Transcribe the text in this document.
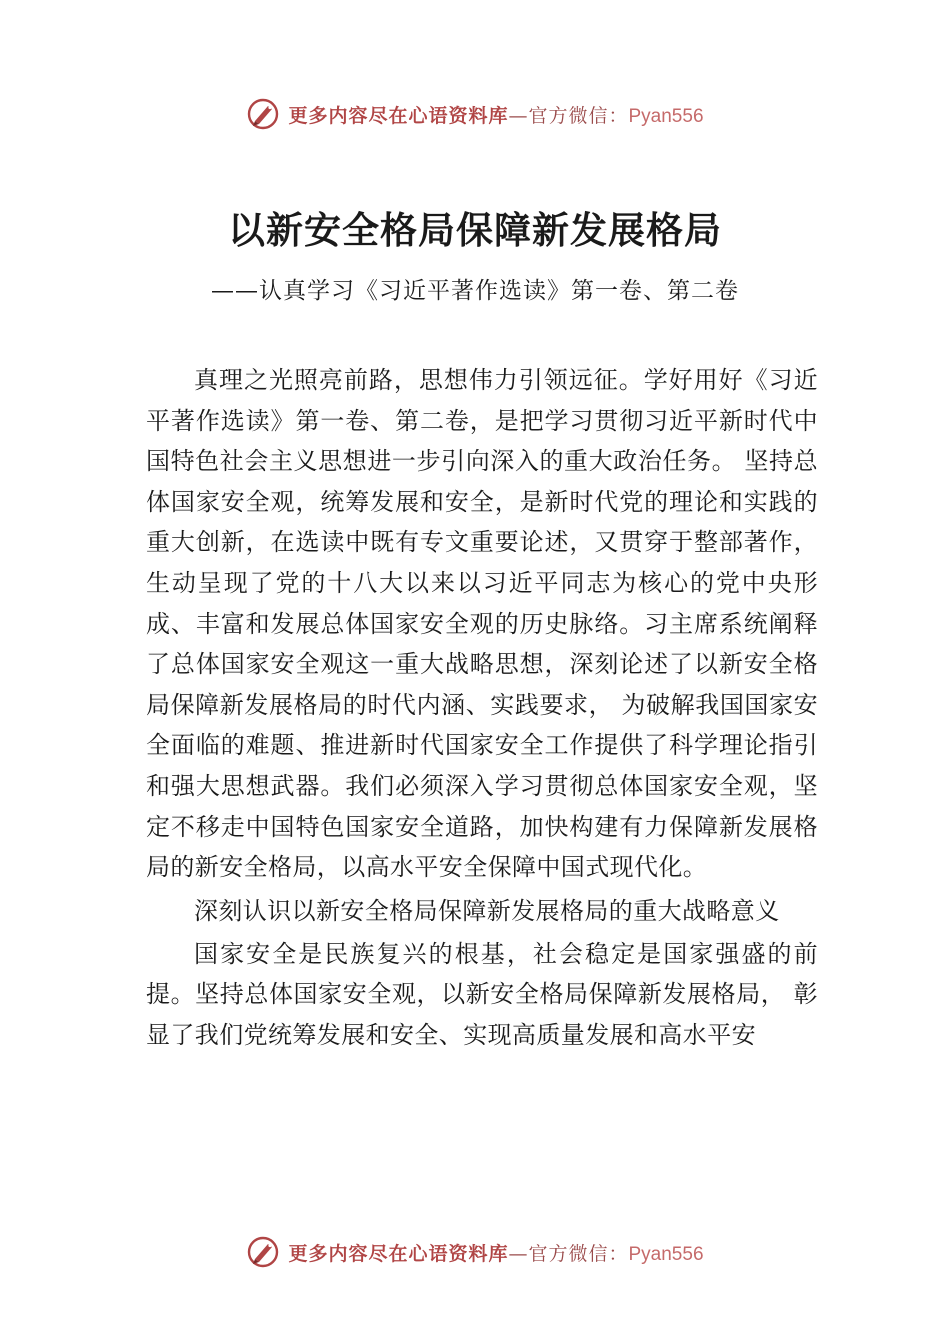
更多内容尽在心语资料库—官方微信：Pyan556
以新安全格局保障新发展格局
——认真学习《习近平著作选读》第一卷、第二卷

真理之光照亮前路，思想伟力引领远征。学好用好《习近平著作选读》第一卷、第二卷，是把学习贯彻习近平新时代中国特色社会主义思想进一步引向深入的重大政治任务。 坚持总体国家安全观，统筹发展和安全，是新时代党的理论和实践的重大创新，在选读中既有专文重要论述，又贯穿于整部著作，生动呈现了党的十八大以来以习近平同志为核心的党中央形成、丰富和发展总体国家安全观的历史脉络。习主席系统阐释了总体国家安全观这一重大战略思想，深刻论述了以新安全格局保障新发展格局的时代内涵、实践要求， 为破解我国国家安全面临的难题、推进新时代国家安全工作提供了科学理论指引和强大思想武器。我们必须深入学习贯彻总体国家安全观，坚定不移走中国特色国家安全道路，加快构建有力保障新发展格局的新安全格局，以高水平安全保障中国式现代化。

深刻认识以新安全格局保障新发展格局的重大战略意义

国家安全是民族复兴的根基，社会稳定是国家强盛的前提。坚持总体国家安全观，以新安全格局保障新发展格局， 彰显了我们党统筹发展和安全、实现高质量发展和高水平安

更多内容尽在心语资料库—官方微信：Pyan556
